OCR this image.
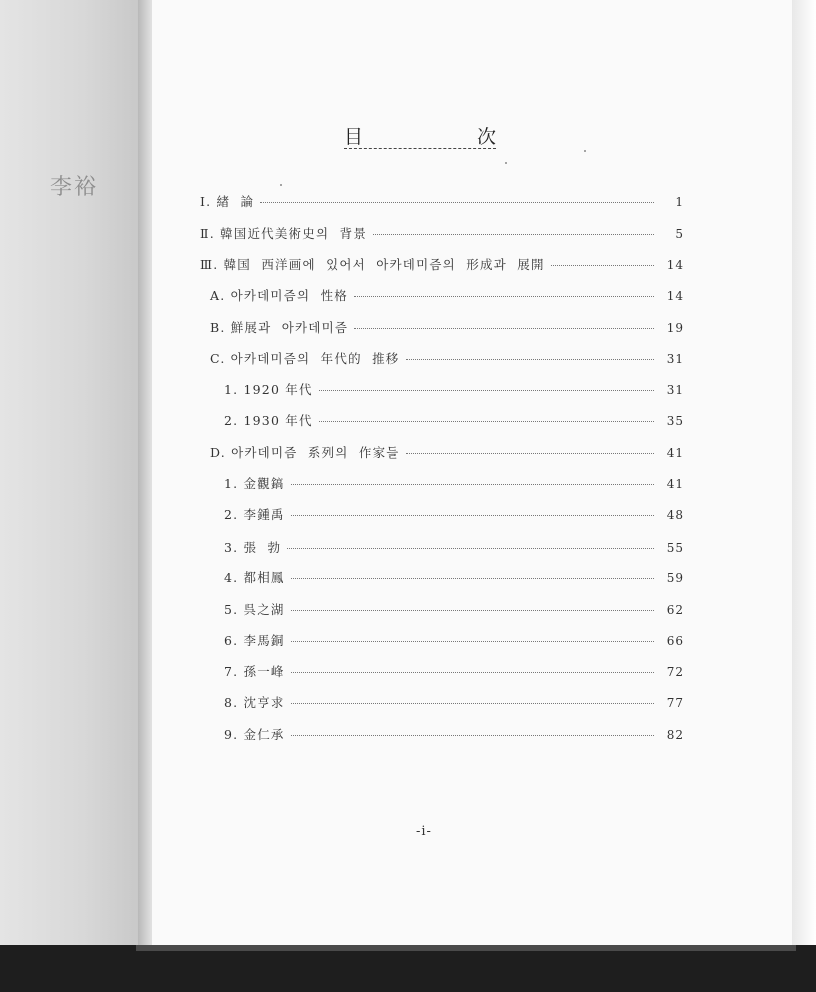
李裕
Ⅰ. 緖  論	1
Ⅱ. 韓国近代美術史의  背景	5
Ⅲ. 韓国  西洋画에  있어서  아카데미즘의  形成과  展開	14
A. 아카데미즘의  性格	14
B. 鮮展과  아카데미즘	19
C. 아카데미즘의  年代的  推移	31
1. 1920 年代	31
2. 1930 年代	35
D. 아카데미즘  系列의  作家들	41
1. 金觀鎬	41
2. 李鍾禹	48
3. 張  勃	55
4. 都相鳳	59
5. 呉之湖	62
6. 李馬銅	66
7. 孫一峰	72
8. 沈亨求	77
9. 金仁承	82
目	次
-i-
